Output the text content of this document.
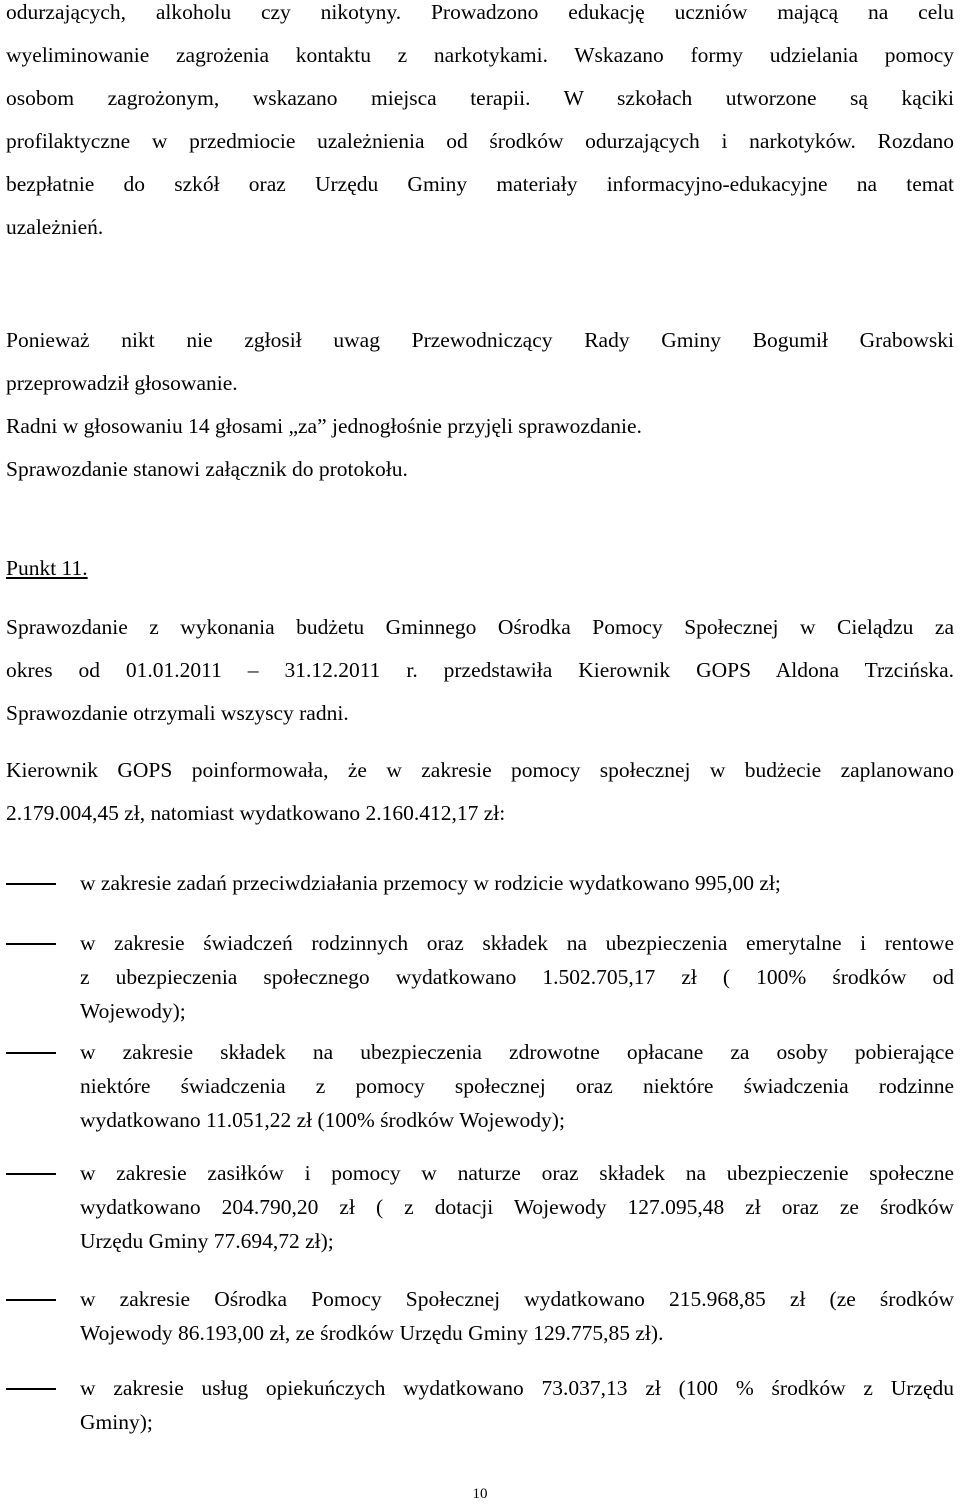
odurzających, alkoholu czy nikotyny. Prowadzono edukację uczniów mającą na celu
wyeliminowanie zagrożenia kontaktu z narkotykami. Wskazano formy udzielania pomocy
osobom zagrożonym, wskazano miejsca terapii. W szkołach utworzone są kąciki
profilaktyczne w przedmiocie uzależnienia od środków odurzających i narkotyków. Rozdano
bezpłatnie do szkół oraz Urzędu Gminy materiały informacyjno-edukacyjne na temat
uzależnień.
Ponieważ nikt nie zgłosił uwag Przewodniczący Rady Gminy Bogumił Grabowski
przeprowadził głosowanie.
Radni w głosowaniu 14 głosami „za” jednogłośnie przyjęli sprawozdanie.
Sprawozdanie stanowi załącznik do protokołu.
Punkt 11.
Sprawozdanie z wykonania budżetu Gminnego Ośrodka Pomocy Społecznej w Cielądzu za
okres od 01.01.2011 – 31.12.2011 r. przedstawiła Kierownik GOPS Aldona Trzcińska.
Sprawozdanie otrzymali wszyscy radni.
Kierownik GOPS poinformowała, że w zakresie pomocy społecznej w budżecie zaplanowano
2.179.004,45 zł, natomiast wydatkowano 2.160.412,17 zł:
w zakresie zadań przeciwdziałania przemocy w rodzicie wydatkowano 995,00 zł;
w zakresie świadczeń rodzinnych oraz składek na ubezpieczenia emerytalne i rentowe
z ubezpieczenia społecznego wydatkowano 1.502.705,17 zł ( 100% środków od
Wojewody);
w zakresie składek na ubezpieczenia zdrowotne opłacane za osoby pobierające
niektóre świadczenia z pomocy społecznej oraz niektóre świadczenia rodzinne
wydatkowano 11.051,22 zł (100% środków Wojewody);
w zakresie zasiłków i pomocy w naturze oraz składek na ubezpieczenie społeczne
wydatkowano 204.790,20 zł ( z dotacji Wojewody 127.095,48 zł oraz ze środków
Urzędu Gminy 77.694,72 zł);
w zakresie Ośrodka Pomocy Społecznej wydatkowano 215.968,85 zł (ze środków
Wojewody 86.193,00 zł, ze środków Urzędu Gminy 129.775,85 zł).
w zakresie usług opiekuńczych wydatkowano 73.037,13 zł (100 % środków z Urzędu
Gminy);
10
